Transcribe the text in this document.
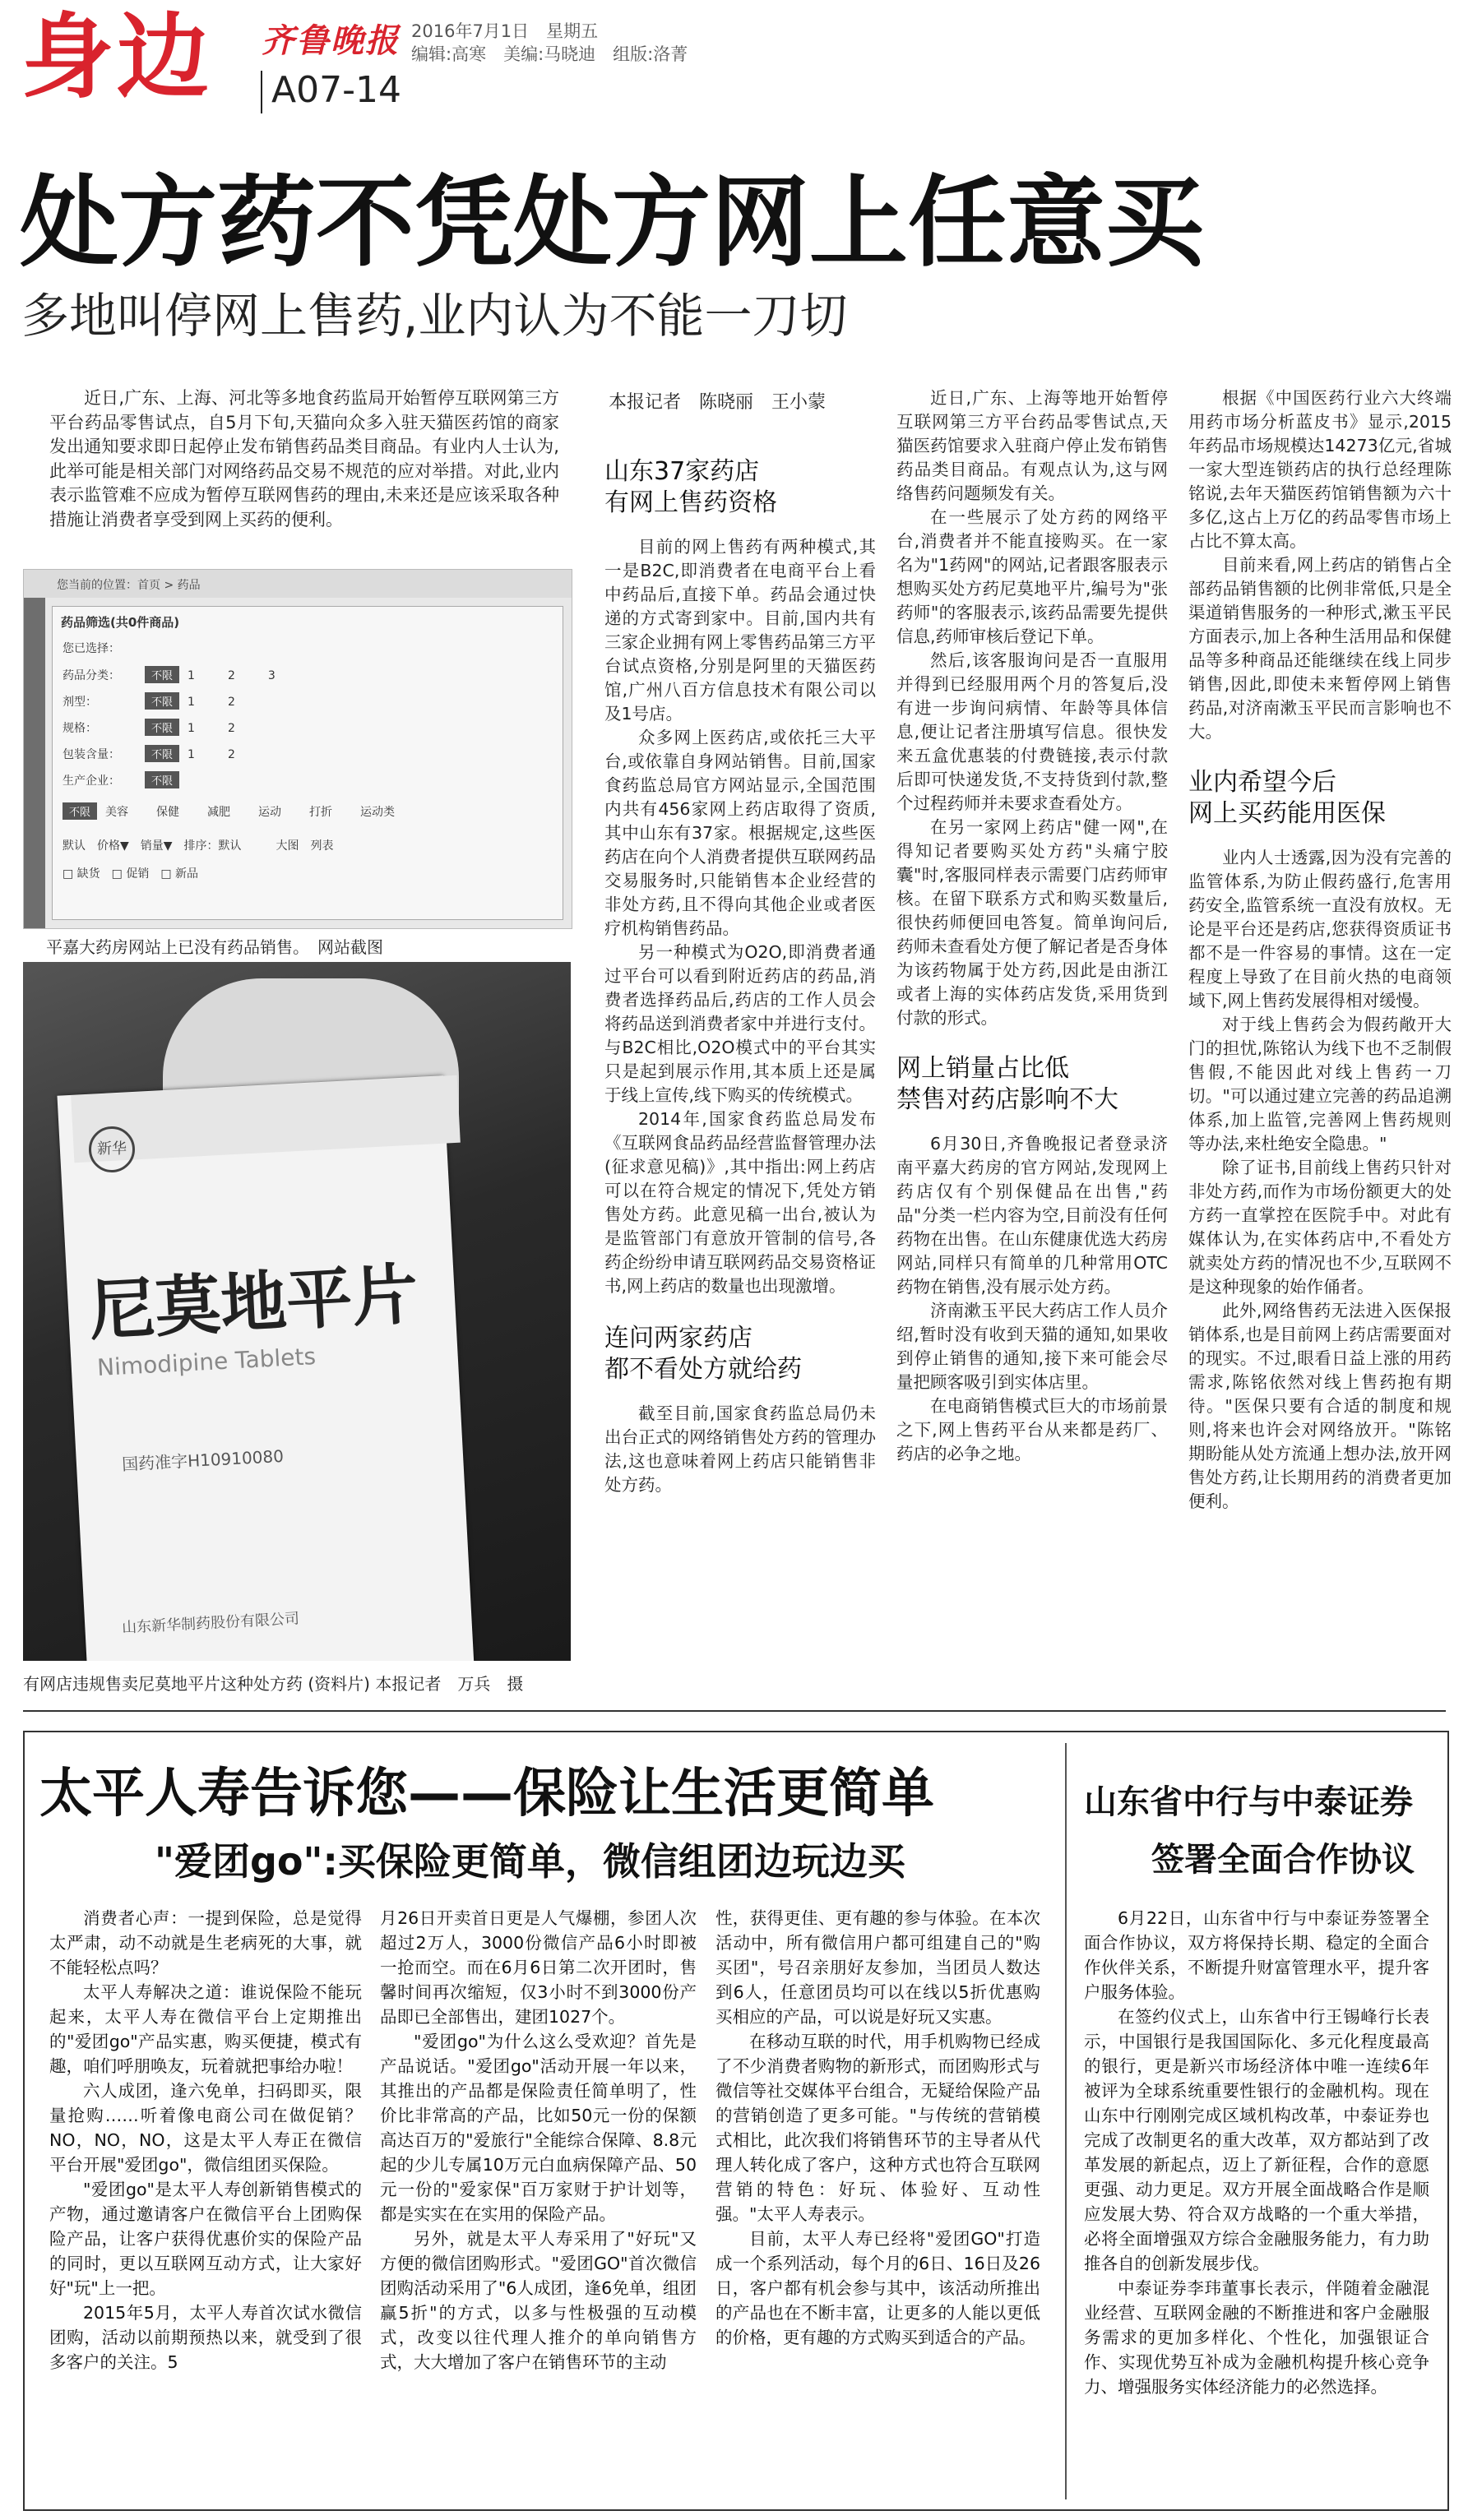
身边 齐鲁晚报 2016年7月1日　星期五
编辑:高寒　美编:马晓迪　组版:洛菁
A07-14
处方药不凭处方网上任意买
多地叫停网上售药,业内认为不能一刀切

近日,广东、上海、河北等多地食药监局开始暂停互联网第三方平台药品零售试点，自5月下旬,天猫向众多入驻天猫医药馆的商家发出通知要求即日起停止发布销售药品类目商品。有业内人士认为,此举可能是相关部门对网络药品交易不规范的应对举措。对此,业内表示监管难不应成为暂停互联网售药的理由,未来还是应该采取各种措施让消费者享受到网上买药的便利。

您当前的位置：首页 > 药品
药品筛选(共0件商品)
您已选择：
药品分类：	不限 1	2	3
剂型：	不限 1	2
规格：	不限 1	2
包装含量：	不限 1	2
生产企业：	不限
不限 美容 保健 减肥 运动 打折 运动类
默认　价格▼　销量▼　排序：默认　　　大图　列表
□ 缺货　□ 促销　□ 新品
平嘉大药房网站上已没有药品销售。　网站截图
新华
尼莫地平片
Nimodipine Tablets
国药准字H10910080
山东新华制药股份有限公司
有网店违规售卖尼莫地平片这种处方药 (资料片) 本报记者　万兵　摄
本报记者　陈晓丽　王小蒙
山东37家药店
有网上售药资格

目前的网上售药有两种模式,其一是B2C,即消费者在电商平台上看中药品后,直接下单。药品会通过快递的方式寄到家中。目前,国内共有三家企业拥有网上零售药品第三方平台试点资格,分别是阿里的天猫医药馆,广州八百方信息技术有限公司以及1号店。

众多网上医药店,或依托三大平台,或依靠自身网站销售。目前,国家食药监总局官方网站显示,全国范围内共有456家网上药店取得了资质,其中山东有37家。根据规定,这些医药店在向个人消费者提供互联网药品交易服务时,只能销售本企业经营的非处方药,且不得向其他企业或者医疗机构销售药品。

另一种模式为O2O,即消费者通过平台可以看到附近药店的药品,消费者选择药品后,药店的工作人员会将药品送到消费者家中并进行支付。与B2C相比,O2O模式中的平台其实只是起到展示作用,其本质上还是属于线上宣传,线下购买的传统模式。

2014年,国家食药监总局发布《互联网食品药品经营监督管理办法(征求意见稿)》,其中指出:网上药店可以在符合规定的情况下,凭处方销售处方药。此意见稿一出台,被认为是监管部门有意放开管制的信号,各药企纷纷申请互联网药品交易资格证书,网上药店的数量也出现激增。

连问两家药店
都不看处方就给药

截至目前,国家食药监总局仍未出台正式的网络销售处方药的管理办法,这也意味着网上药店只能销售非处方药。

近日,广东、上海等地开始暂停互联网第三方平台药品零售试点,天猫医药馆要求入驻商户停止发布销售药品类目商品。有观点认为,这与网络售药问题频发有关。

在一些展示了处方药的网络平台,消费者并不能直接购买。在一家名为"1药网"的网站,记者跟客服表示想购买处方药尼莫地平片,编号为"张药师"的客服表示,该药品需要先提供信息,药师审核后登记下单。

然后,该客服询问是否一直服用并得到已经服用两个月的答复后,没有进一步询问病情、年龄等具体信息,便让记者注册填写信息。很快发来五盒优惠装的付费链接,表示付款后即可快递发货,不支持货到付款,整个过程药师并未要求查看处方。

在另一家网上药店"健一网",在得知记者要购买处方药"头痛宁胶囊"时,客服同样表示需要门店药师审核。在留下联系方式和购买数量后,很快药师便回电答复。简单询问后,药师未查看处方便了解记者是否身体为该药物属于处方药,因此是由浙江或者上海的实体药店发货,采用货到付款的形式。

网上销量占比低
禁售对药店影响不大

6月30日,齐鲁晚报记者登录济南平嘉大药房的官方网站,发现网上药店仅有个别保健品在出售,"药品"分类一栏内容为空,目前没有任何药物在出售。在山东健康优选大药房网站,同样只有简单的几种常用OTC药物在销售,没有展示处方药。

济南漱玉平民大药店工作人员介绍,暂时没有收到天猫的通知,如果收到停止销售的通知,接下来可能会尽量把顾客吸引到实体店里。

在电商销售模式巨大的市场前景之下,网上售药平台从来都是药厂、药店的必争之地。

根据《中国医药行业六大终端用药市场分析蓝皮书》显示,2015年药品市场规模达14273亿元,省城一家大型连锁药店的执行总经理陈铭说,去年天猫医药馆销售额为六十多亿,这占上万亿的药品零售市场上占比不算太高。

目前来看,网上药店的销售占全部药品销售额的比例非常低,只是全渠道销售服务的一种形式,漱玉平民方面表示,加上各种生活用品和保健品等多种商品还能继续在线上同步销售,因此,即使未来暂停网上销售药品,对济南漱玉平民而言影响也不大。

业内希望今后
网上买药能用医保

业内人士透露,因为没有完善的监管体系,为防止假药盛行,危害用药安全,监管系统一直没有放权。无论是平台还是药店,您获得资质证书都不是一件容易的事情。这在一定程度上导致了在目前火热的电商领域下,网上售药发展得相对缓慢。

对于线上售药会为假药敞开大门的担忧,陈铭认为线下也不乏制假售假,不能因此对线上售药一刀切。"可以通过建立完善的药品追溯体系,加上监管,完善网上售药规则等办法,来杜绝安全隐患。"

除了证书,目前线上售药只针对非处方药,而作为市场份额更大的处方药一直掌控在医院手中。对此有媒体认为,在实体药店中,不看处方就卖处方药的情况也不少,互联网不是这种现象的始作俑者。

此外,网络售药无法进入医保报销体系,也是目前网上药店需要面对的现实。不过,眼看日益上涨的用药需求,陈铭依然对线上售药抱有期待。"医保只要有合适的制度和规则,将来也许会对网络放开。"陈铭期盼能从处方流通上想办法,放开网售处方药,让长期用药的消费者更加便利。

太平人寿告诉您——保险让生活更简单
"爱团go":买保险更简单，微信组团边玩边买

消费者心声：一提到保险，总是觉得太严肃，动不动就是生老病死的大事，就不能轻松点吗？

太平人寿解决之道：谁说保险不能玩起来，太平人寿在微信平台上定期推出的"爱团go"产品实惠，购买便捷，模式有趣，咱们呼朋唤友，玩着就把事给办啦！

六人成团，逢六免单，扫码即买，限量抢购……听着像电商公司在做促销？NO，NO，NO，这是太平人寿正在微信平台开展"爱团go"，微信组团买保险。

"爱团go"是太平人寿创新销售模式的产物，通过邀请客户在微信平台上团购保险产品，让客户获得优惠价实的保险产品的同时，更以互联网互动方式，让大家好好"玩"上一把。

2015年5月，太平人寿首次试水微信团购，活动以前期预热以来，就受到了很多客户的关注。5

月26日开卖首日更是人气爆棚，参团人次超过2万人，3000份微信产品6小时即被一抢而空。而在6月6日第二次开团时，售馨时间再次缩短，仅3小时不到3000份产品即已全部售出，建团1027个。

"爱团go"为什么这么受欢迎？首先是产品说话。"爱团go"活动开展一年以来，其推出的产品都是保险责任简单明了，性价比非常高的产品，比如50元一份的保额高达百万的"爱旅行"全能综合保障、8.8元起的少儿专属10万元白血病保障产品、50元一份的"爱家保"百万家财于护计划等，都是实实在在实用的保险产品。

另外，就是太平人寿采用了"好玩"又方便的微信团购形式。"爱团GO"首次微信团购活动采用了"6人成团，逢6免单，组团赢5折"的方式，以多与性极强的互动模式，改变以往代理人推介的单向销售方式，大大增加了客户在销售环节的主动

性，获得更佳、更有趣的参与体验。在本次活动中，所有微信用户都可组建自己的"购买团"，号召亲朋好友参加，当团员人数达到6人，任意团员均可以在线以5折优惠购买相应的产品，可以说是好玩又实惠。

在移动互联的时代，用手机购物已经成了不少消费者购物的新形式，而团购形式与微信等社交媒体平台组合，无疑给保险产品的营销创造了更多可能。"与传统的营销模式相比，此次我们将销售环节的主导者从代理人转化成了客户，这种方式也符合互联网营销的特色：好玩、体验好、互动性强。"太平人寿表示。

目前，太平人寿已经将"爱团GO"打造成一个系列活动，每个月的6日、16日及26日，客户都有机会参与其中，该活动所推出的产品也在不断丰富，让更多的人能以更低的价格，更有趣的方式购买到适合的产品。

山东省中行与中泰证券
签署全面合作协议

6月22日，山东省中行与中泰证券签署全面合作协议，双方将保持长期、稳定的全面合作伙伴关系，不断提升财富管理水平，提升客户服务体验。

在签约仪式上，山东省中行王锡峰行长表示，中国银行是我国国际化、多元化程度最高的银行，更是新兴市场经济体中唯一连续6年被评为全球系统重要性银行的金融机构。现在山东中行刚刚完成区域机构改革，中泰证券也完成了改制更名的重大改革，双方都站到了改革发展的新起点，迈上了新征程，合作的意愿更强、动力更足。双方开展全面战略合作是顺应发展大势、符合双方战略的一个重大举措，必将全面增强双方综合金融服务能力，有力助推各自的创新发展步伐。

中泰证券李玮董事长表示，伴随着金融混业经营、互联网金融的不断推进和客户金融服务需求的更加多样化、个性化，加强银证合作、实现优势互补成为金融机构提升核心竞争力、增强服务实体经济能力的必然选择。
